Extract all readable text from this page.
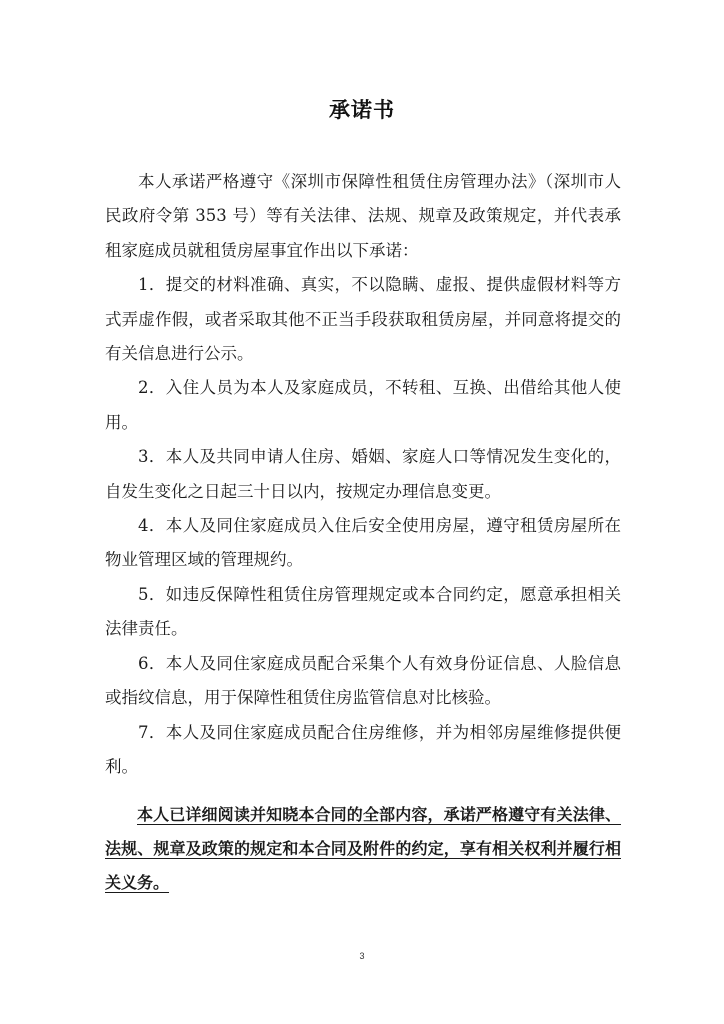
承诺书

本人承诺严格遵守《深圳市保障性租赁住房管理办法》（深圳市人民政府令第 353 号）等有关法律、法规、规章及政策规定，并代表承租家庭成员就租赁房屋事宜作出以下承诺：

1．提交的材料准确、真实，不以隐瞒、虚报、提供虚假材料等方式弄虚作假，或者采取其他不正当手段获取租赁房屋，并同意将提交的有关信息进行公示。

2．入住人员为本人及家庭成员，不转租、互换、出借给其他人使用。

3．本人及共同申请人住房、婚姻、家庭人口等情况发生变化的，自发生变化之日起三十日以内，按规定办理信息变更。

4．本人及同住家庭成员入住后安全使用房屋，遵守租赁房屋所在物业管理区域的管理规约。

5．如违反保障性租赁住房管理规定或本合同约定，愿意承担相关法律责任。

6．本人及同住家庭成员配合采集个人有效身份证信息、人脸信息或指纹信息，用于保障性租赁住房监管信息对比核验。

7．本人及同住家庭成员配合住房维修，并为相邻房屋维修提供便利。

本人已详细阅读并知晓本合同的全部内容，承诺严格遵守有关法律、法规、规章及政策的规定和本合同及附件的约定，享有相关权利并履行相关义务。

3
